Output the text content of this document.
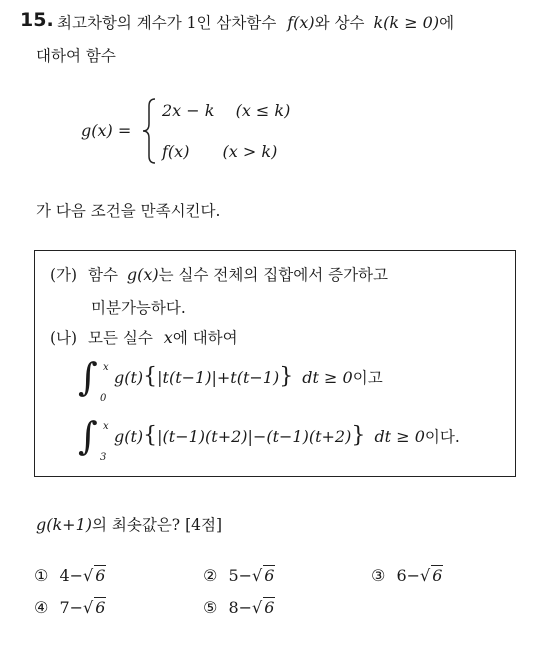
15. 최고차항의 계수가 1인 삼차함수 f(x)와 상수 k(k ≥ 0)에
대하여 함수
g(x) =
2x − k (x ≤ k)
f(x) (x > k)
가 다음 조건을 만족시킨다.
(가) 함수 g(x)는 실수 전체의 집합에서 증가하고
미분가능하다.
(나) 모든 실수 x에 대하여
∫ x
0
g(t){|t(t−1)|+t(t−1)} dt ≥ 0이고
∫ x
3
g(t){|(t−1)(t+2)|−(t−1)(t+2)} dt ≥ 0이다.
g(k+1)의 최솟값은? [4점]
① 4−√ 6	② 5−√ 6	③ 6−√ 6
④ 7−√ 6	⑤ 8−√ 6
